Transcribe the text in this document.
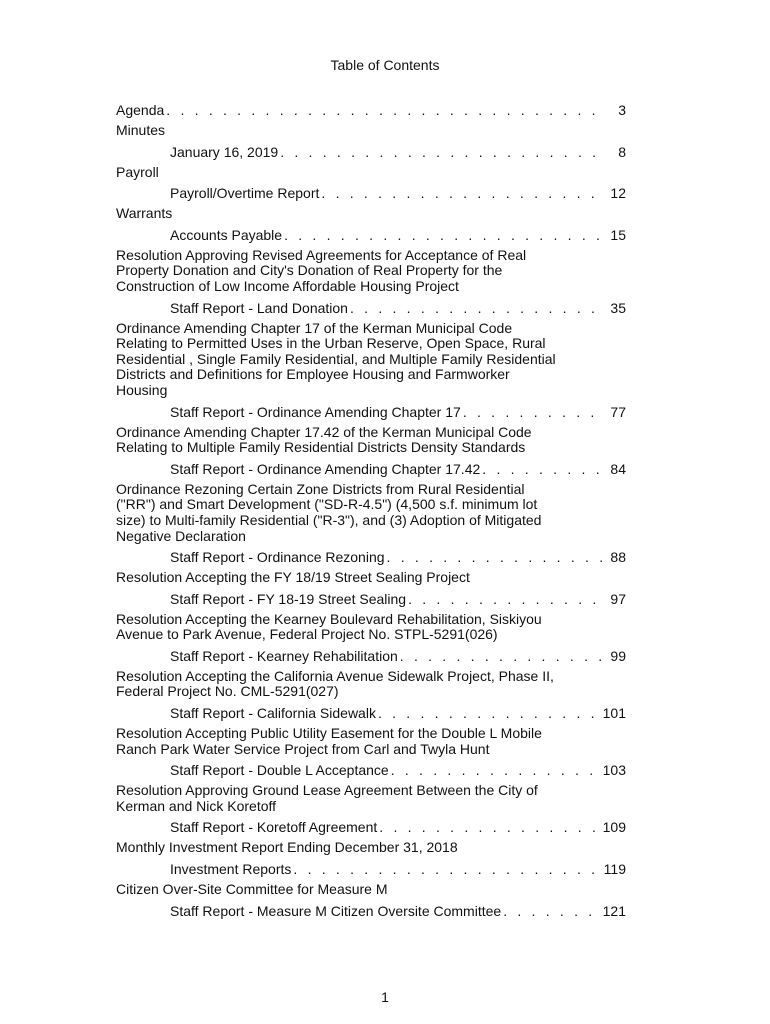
Table of Contents
Agenda . . .	3
Minutes
January 16, 2019 . . .	8
Payroll
Payroll/Overtime Report . . .	12
Warrants
Accounts Payable . . .	15
Resolution Approving Revised Agreements for Acceptance of Real Property Donation and City's Donation of Real Property for the Construction of Low Income Affordable Housing Project
Staff Report - Land Donation . . .	35
Ordinance Amending Chapter 17 of the Kerman Municipal Code Relating to Permitted Uses in the Urban Reserve, Open Space, Rural Residential , Single Family Residential, and Multiple Family Residential Districts and Definitions for Employee Housing and Farmworker Housing
Staff Report - Ordinance Amending Chapter 17 . . .	77
Ordinance Amending Chapter 17.42 of the Kerman Municipal Code Relating to Multiple Family Residential Districts Density Standards
Staff Report - Ordinance Amending Chapter 17.42 . . .	84
Ordinance Rezoning Certain Zone Districts from Rural Residential ("RR") and Smart Development ("SD-R-4.5") (4,500 s.f. minimum lot size) to Multi-family Residential ("R-3"), and (3) Adoption of Mitigated Negative Declaration
Staff Report - Ordinance Rezoning . . .	88
Resolution Accepting the FY 18/19 Street Sealing Project
Staff Report - FY 18-19 Street Sealing . . .	97
Resolution Accepting the Kearney Boulevard Rehabilitation, Siskiyou Avenue to Park Avenue, Federal Project No. STPL-5291(026)
Staff Report - Kearney Rehabilitation . . .	99
Resolution Accepting the California Avenue Sidewalk Project, Phase II, Federal Project No. CML-5291(027)
Staff Report - California Sidewalk . . .	101
Resolution Accepting Public Utility Easement for the Double L Mobile Ranch Park Water Service Project from Carl and Twyla Hunt
Staff Report - Double L Acceptance . . .	103
Resolution Approving Ground Lease Agreement Between the City of Kerman and Nick Koretoff
Staff Report - Koretoff Agreement . . .	109
Monthly Investment Report Ending December 31, 2018
Investment Reports . . .	119
Citizen Over-Site Committee for Measure M
Staff Report - Measure M Citizen Oversite Committee . . .	121
1
